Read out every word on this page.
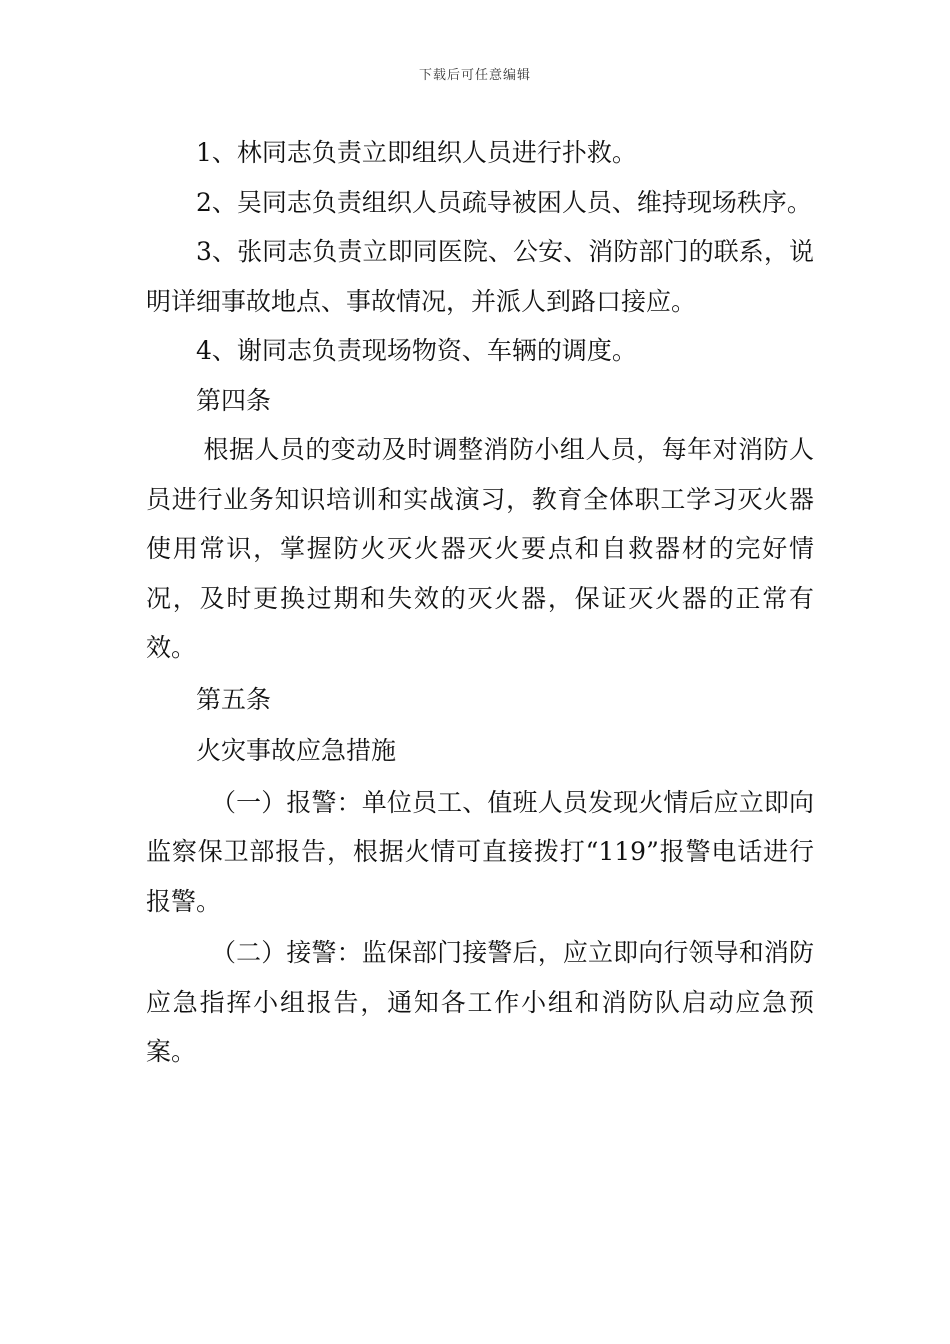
下载后可任意编辑

1、林同志负责立即组织人员进行扑救。

2、吴同志负责组织人员疏导被困人员、维持现场秩序。

3、张同志负责立即同医院、公安、消防部门的联系，说明详细事故地点、事故情况，并派人到路口接应。

4、谢同志负责现场物资、车辆的调度。

第四条

根据人员的变动及时调整消防小组人员，每年对消防人员进行业务知识培训和实战演习，教育全体职工学习灭火器使用常识，掌握防火灭火器灭火要点和自救器材的完好情况，及时更换过期和失效的灭火器，保证灭火器的正常有效。

第五条

火灾事故应急措施

（一）报警：单位员工、值班人员发现火情后应立即向监察保卫部报告，根据火情可直接拨打“119”报警电话进行报警。

（二）接警：监保部门接警后，应立即向行领导和消防应急指挥小组报告，通知各工作小组和消防队启动应急预案。
